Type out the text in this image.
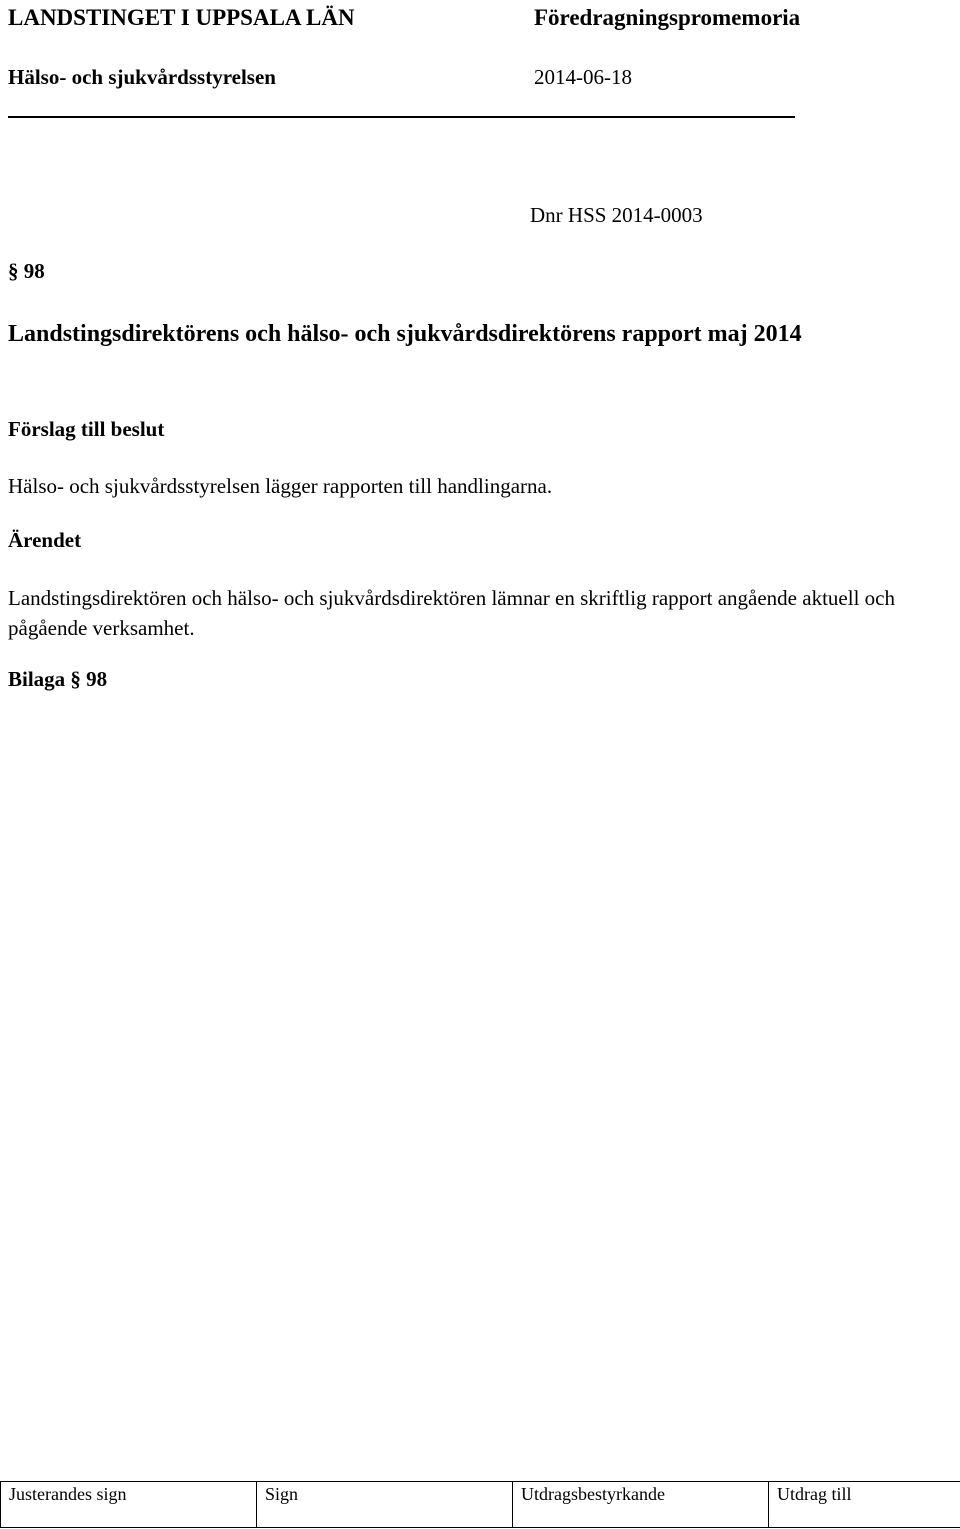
LANDSTINGET I UPPSALA LÄN	Föredragningspromemoria
Hälso- och sjukvårdsstyrelsen	2014-06-18
Dnr HSS 2014-0003
§ 98
Landstingsdirektörens och hälso- och sjukvårdsdirektörens rapport maj 2014
Förslag till beslut
Hälso- och sjukvårdsstyrelsen lägger rapporten till handlingarna.
Ärendet
Landstingsdirektören och hälso- och sjukvårdsdirektören lämnar en skriftlig rapport angående aktuell och pågående verksamhet.
Bilaga § 98
Justerandes sign	Sign	Utdragsbestyrkande	Utdrag till
